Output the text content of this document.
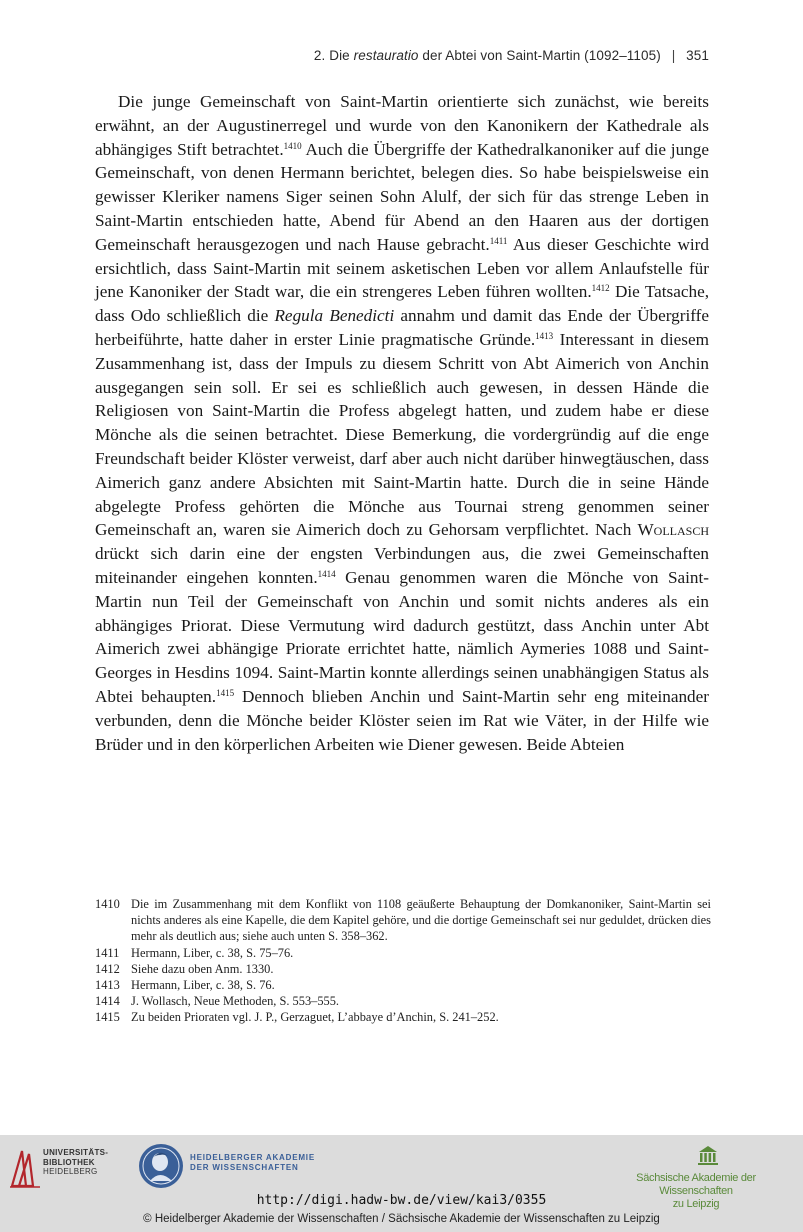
2. Die restauratio der Abtei von Saint-Martin (1092–1105) | 351

Die junge Gemeinschaft von Saint-Martin orientierte sich zunächst, wie bereits erwähnt, an der Augustinerregel und wurde von den Kanonikern der Kathedrale als abhängiges Stift betrachtet.$^{1410}$ Auch die Übergriffe der Kathedralkanoniker auf die junge Gemeinschaft, von denen Hermann berichtet, belegen dies. So habe beispielsweise ein gewisser Kleriker namens Siger seinen Sohn Alulf, der sich für das strenge Leben in Saint-Martin entschieden hatte, Abend für Abend an den Haaren aus der dortigen Gemeinschaft herausgezogen und nach Hause gebracht.$^{1411}$ Aus dieser Geschichte wird ersichtlich, dass Saint-Martin mit seinem asketischen Leben vor allem Anlaufstelle für jene Kanoniker der Stadt war, die ein strengeres Leben führen wollten.$^{1412}$ Die Tatsache, dass Odo schließlich die Regula Benedicti annahm und damit das Ende der Übergriffe herbeiführte, hatte daher in erster Linie pragmatische Gründe.$^{1413}$ Interessant in diesem Zusammenhang ist, dass der Impuls zu diesem Schritt von Abt Aimerich von Anchin ausgegangen sein soll. Er sei es schließlich auch gewesen, in dessen Hände die Religiosen von Saint-Martin die Profess abgelegt hatten, und zudem habe er diese Mönche als die seinen betrachtet. Diese Bemerkung, die vordergründig auf die enge Freundschaft beider Klöster verweist, darf aber auch nicht darüber hinwegtäuschen, dass Aimerich ganz andere Absichten mit Saint-Martin hatte. Durch die in seine Hände abgelegte Profess gehörten die Mönche aus Tournai streng genommen seiner Gemeinschaft an, waren sie Aimerich doch zu Gehorsam verpflichtet. Nach Wollasch drückt sich darin eine der engsten Verbindungen aus, die zwei Gemeinschaften miteinander eingehen konnten.$^{1414}$ Genau genommen waren die Mönche von Saint-Martin nun Teil der Gemeinschaft von Anchin und somit nichts anderes als ein abhängiges Priorat. Diese Vermutung wird dadurch gestützt, dass Anchin unter Abt Aimerich zwei abhängige Priorate errichtet hatte, nämlich Aymeries 1088 und Saint-Georges in Hesdins 1094. Saint-Martin konnte allerdings seinen unabhängigen Status als Abtei behaupten.$^{1415}$ Dennoch blieben Anchin und Saint-Martin sehr eng miteinander verbunden, denn die Mönche beider Klöster seien im Rat wie Väter, in der Hilfe wie Brüder und in den körperlichen Arbeiten wie Diener gewesen. Beide Abteien

1410 Die im Zusammenhang mit dem Konflikt von 1108 geäußerte Behauptung der Domkanoniker, Saint-Martin sei nichts anderes als eine Kapelle, die dem Kapitel gehöre, und die dortige Gemeinschaft sei nur geduldet, drücken dies mehr als deutlich aus; siehe auch unten S. 358–362.
1411 Hermann, Liber, c. 38, S. 75–76.
1412 Siehe dazu oben Anm. 1330.
1413 Hermann, Liber, c. 38, S. 76.
1414 J. Wollasch, Neue Methoden, S. 553–555.
1415 Zu beiden Prioraten vgl. J. P., Gerzaguet, L’abbaye d’Anchin, S. 241–252.
UNIVERSITÄTS-
BIBLIOTHEK
HEIDELBERG
HEIDELBERGER AKADEMIE
DER WISSENSCHAFTEN
Sächsische Akademie der Wissenschaften
zu Leipzig
http://digi.hadw-bw.de/view/kai3/0355
© Heidelberger Akademie der Wissenschaften / Sächsische Akademie der Wissenschaften zu Leipzig
